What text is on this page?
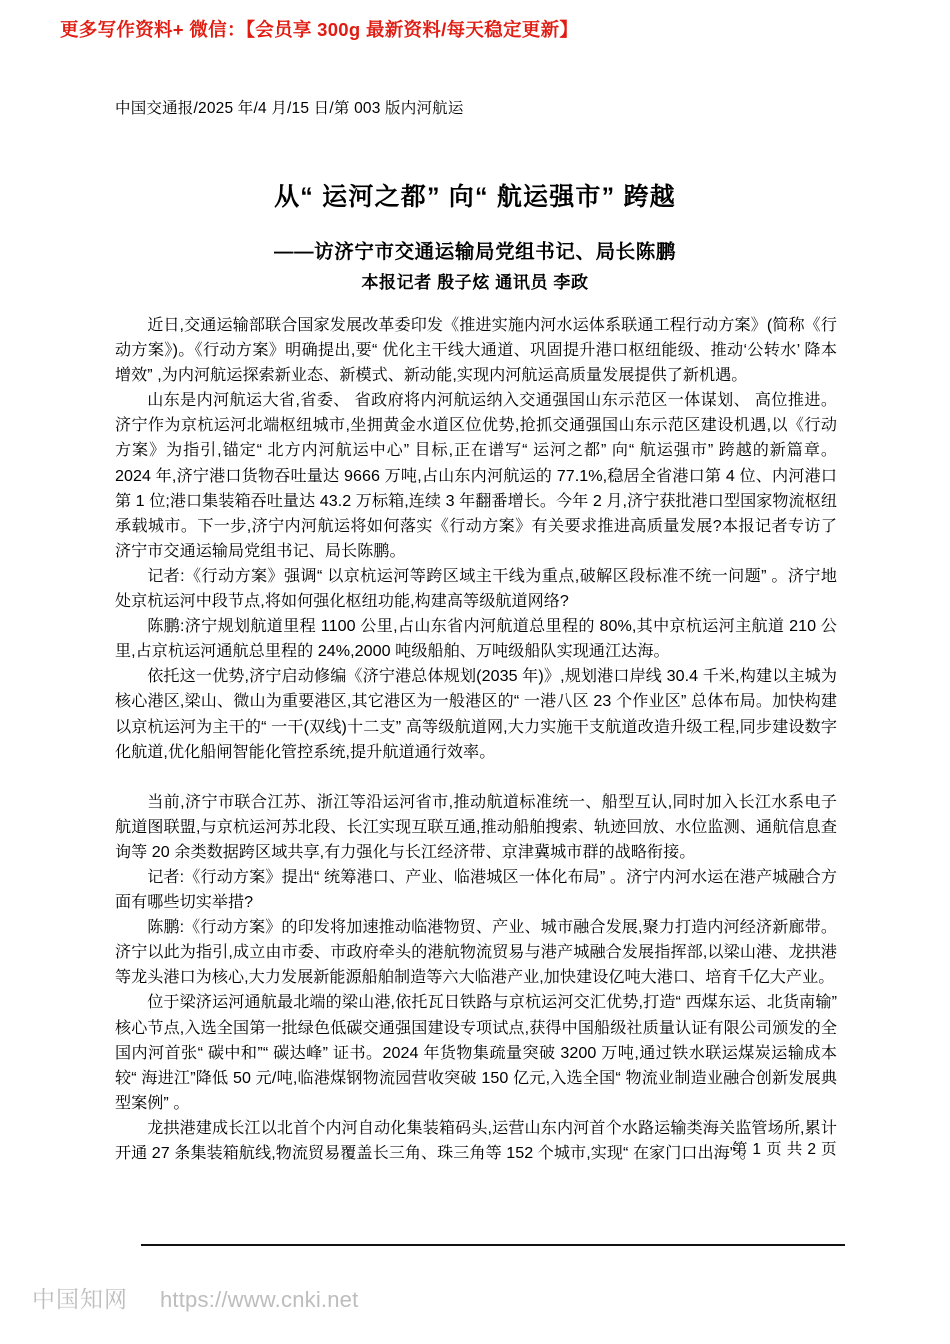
更多写作资料+ 微信：【会员享 300g 最新资料/每天稳定更新】
中国交通报/2025 年/4 月/15 日/第 003 版内河航运
从“ 运河之都” 向“ 航运强市” 跨越
——访济宁市交通运输局党组书记、局长陈鹏
本报记者 殷子炫 通讯员 李政

近日,交通运输部联合国家发展改革委印发《推进实施内河水运体系联通工程行动方案》(简称《行动方案》)。《行动方案》明确提出,要“ 优化主干线大通道、巩固提升港口枢纽能级、推动‘公转水’ 降本增效” ,为内河航运探索新业态、新模式、新动能,实现内河航运高质量发展提供了新机遇。

山东是内河航运大省,省委、 省政府将内河航运纳入交通强国山东示范区一体谋划、 高位推进。济宁作为京杭运河北端枢纽城市,坐拥黄金水道区位优势,抢抓交通强国山东示范区建设机遇,以《行动方案》为指引,锚定“ 北方内河航运中心” 目标,正在谱写“ 运河之都” 向“ 航运强市” 跨越的新篇章。 2024 年,济宁港口货物吞吐量达 9666 万吨,占山东内河航运的 77.1%,稳居全省港口第 4 位、内河港口第 1 位;港口集装箱吞吐量达 43.2 万标箱,连续 3 年翻番增长。今年 2 月,济宁获批港口型国家物流枢纽承载城市。下一步,济宁内河航运将如何落实《行动方案》有关要求推进高质量发展?本报记者专访了济宁市交通运输局党组书记、局长陈鹏。

记者:《行动方案》强调“ 以京杭运河等跨区域主干线为重点,破解区段标准不统一问题” 。济宁地处京杭运河中段节点,将如何强化枢纽功能,构建高等级航道网络?

陈鹏:济宁规划航道里程 1100 公里,占山东省内河航道总里程的 80%,其中京杭运河主航道 210 公里,占京杭运河通航总里程的 24%,2000 吨级船舶、万吨级船队实现通江达海。

依托这一优势,济宁启动修编《济宁港总体规划(2035 年)》,规划港口岸线 30.4 千米,构建以主城为核心港区,梁山、微山为重要港区,其它港区为一般港区的“ 一港八区 23 个作业区” 总体布局。加快构建以京杭运河为主干的“ 一干(双线)十二支” 高等级航道网,大力实施干支航道改造升级工程,同步建设数字化航道,优化船闸智能化管控系统,提升航道通行效率。

当前,济宁市联合江苏、浙江等沿运河省市,推动航道标准统一、船型互认,同时加入长江水系电子航道图联盟,与京杭运河苏北段、长江实现互联互通,推动船舶搜索、轨迹回放、水位监测、通航信息查询等 20 余类数据跨区域共享,有力强化与长江经济带、京津冀城市群的战略衔接。

记者:《行动方案》提出“ 统筹港口、产业、临港城区一体化布局” 。济宁内河水运在港产城融合方面有哪些切实举措?

陈鹏:《行动方案》的印发将加速推动临港物贸、产业、城市融合发展,聚力打造内河经济新廊带。济宁以此为指引,成立由市委、市政府牵头的港航物流贸易与港产城融合发展指挥部,以梁山港、龙拱港等龙头港口为核心,大力发展新能源船舶制造等六大临港产业,加快建设亿吨大港口、培育千亿大产业。

位于梁济运河通航最北端的梁山港,依托瓦日铁路与京杭运河交汇优势,打造“ 西煤东运、北货南输” 核心节点,入选全国第一批绿色低碳交通强国建设专项试点,获得中国船级社质量认证有限公司颁发的全国内河首张“ 碳中和”“ 碳达峰” 证书。2024 年货物集疏量突破 3200 万吨,通过铁水联运煤炭运输成本较“ 海进江”降低 50 元/吨,临港煤钢物流园营收突破 150 亿元,入选全国“ 物流业制造业融合创新发展典型案例” 。

龙拱港建成长江以北首个内河自动化集装箱码头,运营山东内河首个水路运输类海关监管场所,累计开通 27 条集装箱航线,物流贸易覆盖长三角、珠三角等 152 个城市,实现“ 在家门口出海” 。

第 1 页 共 2 页
中国知网 https://www.cnki.net
